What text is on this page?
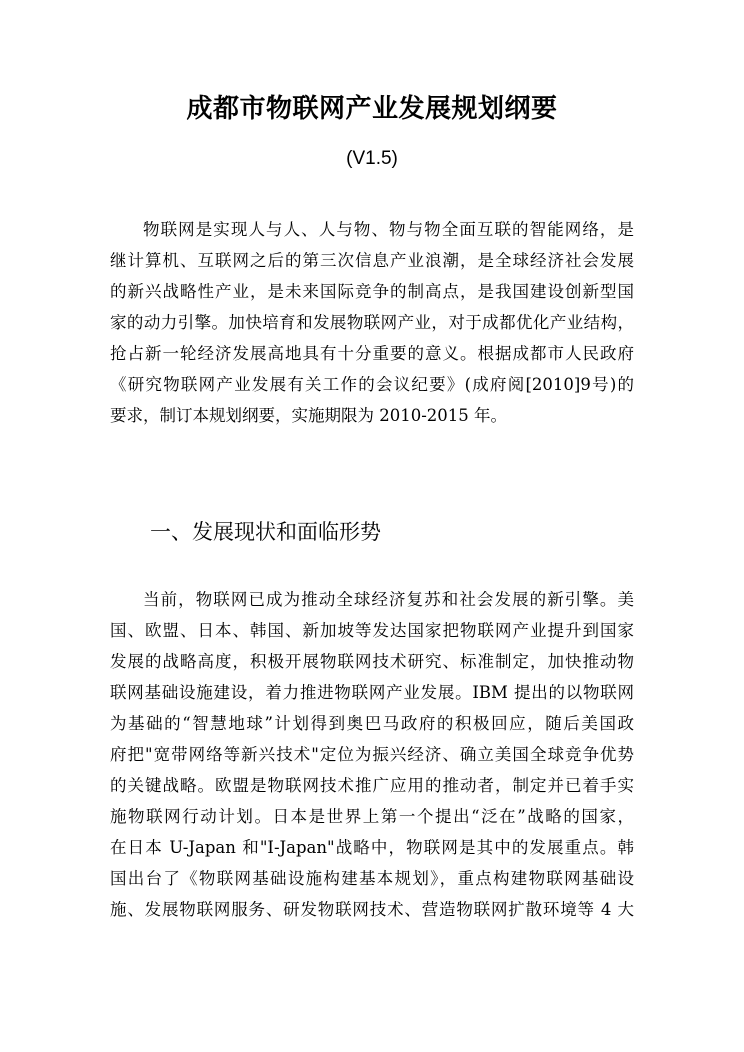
成都市物联网产业发展规划纲要
(V1.5)

物联网是实现人与人、人与物、物与物全面互联的智能网络，是
继计算机、互联网之后的第三次信息产业浪潮，是全球经济社会发展
的新兴战略性产业，是未来国际竞争的制高点，是我国建设创新型国
家的动力引擎。加快培育和发展物联网产业，对于成都优化产业结构，
抢占新一轮经济发展高地具有十分重要的意义。根据成都市人民政府
《研究物联网产业发展有关工作的会议纪要》(成府阅[2010]9号)的
要求，制订本规划纲要，实施期限为 2010-2015 年。

一、发展现状和面临形势

当前，物联网已成为推动全球经济复苏和社会发展的新引擎。美
国、欧盟、日本、韩国、新加坡等发达国家把物联网产业提升到国家
发展的战略高度，积极开展物联网技术研究、标准制定，加快推动物
联网基础设施建设，着力推进物联网产业发展。IBM 提出的以物联网
为基础的“智慧地球”计划得到奥巴马政府的积极回应，随后美国政
府把"宽带网络等新兴技术"定位为振兴经济、确立美国全球竞争优势
的关键战略。欧盟是物联网技术推广应用的推动者，制定并已着手实
施物联网行动计划。日本是世界上第一个提出“泛在”战略的国家，
在日本 U-Japan 和"I-Japan"战略中，物联网是其中的发展重点。韩
国出台了《物联网基础设施构建基本规划》，重点构建物联网基础设
施、发展物联网服务、研发物联网技术、营造物联网扩散环境等 4 大
